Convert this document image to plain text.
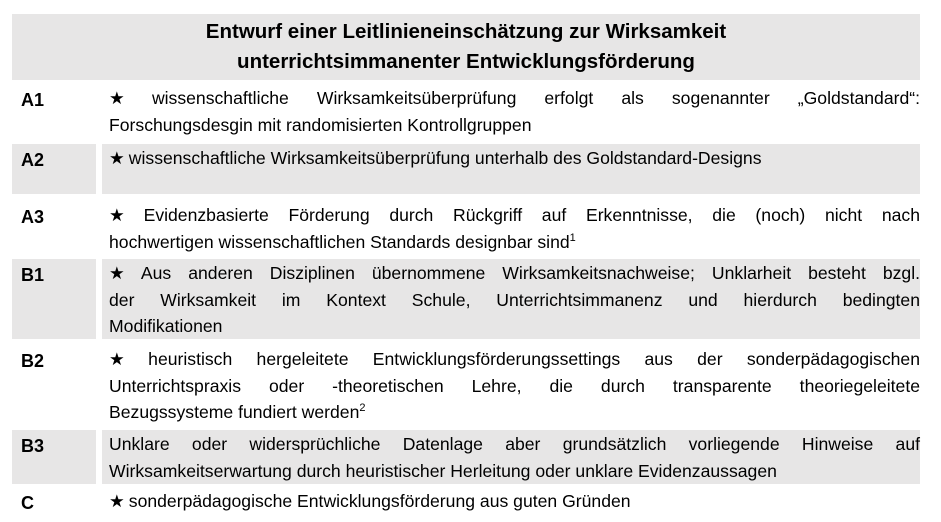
Entwurf einer Leitlinieneinschätzung zur Wirksamkeit
unterrichtsimmanenter Entwicklungsförderung
A1	★ wissenschaftliche Wirksamkeitsüberprüfung erfolgt als sogenannter „Goldstandard“:
Forschungsdesgin mit randomisierten Kontrollgruppen
A2	★ wissenschaftliche Wirksamkeitsüberprüfung unterhalb des Goldstandard-Designs
A3	★ Evidenzbasierte Förderung durch Rückgriff auf Erkenntnisse, die (noch) nicht nach
hochwertigen wissenschaftlichen Standards designbar sind$^1$
B1	★ Aus anderen Disziplinen übernommene Wirksamkeitsnachweise; Unklarheit besteht bzgl.
der Wirksamkeit im Kontext Schule, Unterrichtsimmanenz und hierdurch bedingten
Modifikationen
B2	★ heuristisch hergeleitete Entwicklungsförderungssettings aus der sonderpädagogischen
Unterrichtspraxis oder -theoretischen Lehre, die durch transparente theoriegeleitete
Bezugssysteme fundiert werden$^2$
B3	Unklare oder widersprüchliche Datenlage aber grundsätzlich vorliegende Hinweise auf
Wirksamkeitserwartung durch heuristischer Herleitung oder unklare Evidenzaussagen
C	★ sonderpädagogische Entwicklungsförderung aus guten Gründen
